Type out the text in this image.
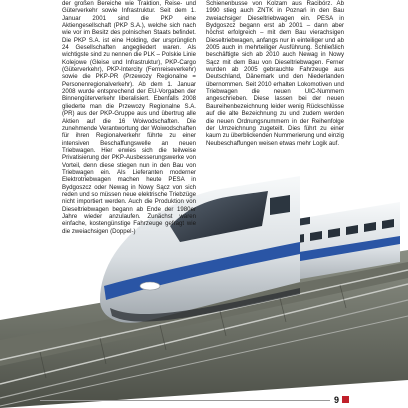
der großen Bereiche wie Traktion, Reise- und Güterverkehr sowie Infrastruktur. Seit dem 1. Januar 2001 sind die PKP eine Aktiengesellschaft (PKP S.A.), welche sich nach wie vor im Besitz des polnischen Staats befindet. Die PKP S.A. ist eine Holding, der ursprünglich 24 Gesellschaften angegliedert waren. Als wichtigste sind zu nennen die PLK – Polskie Linie Kolejowe (Gleise und Infrastruktur), PKP-Cargo (Güterverkehr), PKP-Intercity (Fernreiseverkehr) sowie die PKP-PR (Przewozy Regionalne = Personenregionalverkehr). Ab dem 1. Januar 2008 wurde entsprechend der EU-Vorgaben der Binnengüterverkehr liberalisiert. Ebenfalls 2008 gliederte man die Przewozy Regionalne S.A. (PR) aus der PKP-Gruppe aus und übertrug alle Aktien auf die 16 Woiwodschaften. Die zunehmende Verantwortung der Woiwodschaften für ihren Regionalverkehr führte zu einer intensiven Beschaffungswelle an neuen Triebwagen. Hier erwies sich die teilweise Privatisierung der PKP-Ausbesserungswerke von Vorteil, denn diese stiegen nun in den Bau von Triebwagen ein. Als Lieferanten moderner Elektrotriebwagen machen heute PESA in Bydgoszcz oder Newag in Nowy Sącz von sich reden und so müssen neue elektrische Triebzüge nicht importiert werden. Auch die Produktion von Dieseltriebwagen begann ab Ende der 1980er Jahre wieder anzulaufen. Zunächst waren einfache, kostengünstige Fahrzeuge gefragt wie die zweiachsigen (Doppel-)

Schienenbusse von Kolzam aus Racibórz. Ab 1990 stieg auch ZNTK in Poznań in den Bau zweiachsiger Dieseltriebwagen ein. PESA in Bydgoszcz begann erst ab 2001 – dann aber höchst erfolgreich – mit dem Bau vierachsigen Dieseltriebwagen, anfangs nur in einteiliger und ab 2005 auch in mehrteiliger Ausführung. Schließlich beschäftigte sich ab 2010 auch Newag in Nowy Sącz mit dem Bau von Dieseltriebwagen. Ferner wurden ab 2005 gebrauchte Fahrzeuge aus Deutschland, Dänemark und den Niederlanden übernommen. Seit 2010 erhalten Lokomotiven und Triebwagen die neuen UIC-Nummern angeschrieben. Diese lassen bei der neuen Baureihenbezeichnung leider wenig Rückschlüsse auf die alte Bezeichnung zu und zudem werden die neuen Ordnungsnummern in der Reihenfolge der Umzeichnung zugeteilt. Dies führt zu einer kaum zu überblickenden Nummerierung und einzig Neubeschaffungen weisen etwas mehr Logik auf.

9
